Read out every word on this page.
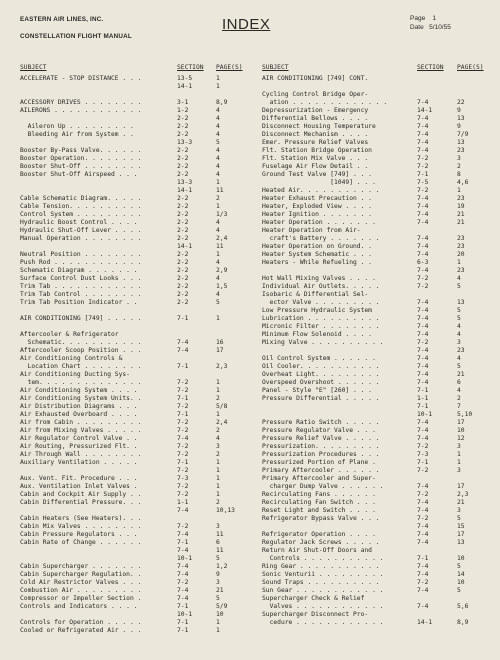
EASTERN AIR LINES, INC.
CONSTELLATION FLIGHT MANUAL
INDEX	Page 1
Date 5/10/55
SUBJECT	SECTION PAGE(S)
ACCELERATE - STOP DISTANCE . . .	13-5	1
14-1	1
ACCESSORY DRIVES . . . . . . . .	3-1	8,9
AILERONS . . . . . . . . . . . .	1-2	4
2-2	4
Aileron Up . . . . . . . . .	2-2	4
Bleeding Air from System . .	2-2	4
13-3	5
Booster By-Pass Valve. . . . . .	2-2	4
Booster Operation. . . . . . . .	2-2	4
Booster Shut-Off . . . . . . . .	2-2	4
Booster Shut-Off Airspeed . . .	2-2	4
13-3	1
14-1	11
Cable Schematic Diagram. . . . .	2-2	2
Cable Tension. . . . . . . . . .	2-2	1
Control System . . . . . . . . .	2-2	1/3
Hydraulic Boost Control . . . .	2-2	4
Hydraulic Shut-Off Lever . . . .	2-2	4
Manual Operation . . . . . . . .	2-2	2,4
14-1	11
Neutral Position . . . . . . . .	2-2	1
Push Rod . . . . . . . . . . . .	2-2	4
Schematic Diagram . . . . . . .	2-2	2,9
Surface Control Dust Looks . . .	2-2	4
Trim Tab . . . . . . . . . . . .	2-2	1,5
Trim Tab Control . . . . . . . .	2-2	4
Trim Tab Position Indicator . .	2-2	5
AIR CONDITIONING [749] . . . . .	7-1	1
Aftercooler & Refrigerator
Schematic. . . . . . . . . . .	7-4	16
Aftercooler Scoop Position . . .	7-4	17
Air Conditioning Controls &
Location Chart . . . . . . . .	7-1	2,3
Air Conditioning Ducting Sys-
tem. . . . . . . . . . . . . .	7-2	1
Air Conditioning System . . . .	7-2	1
Air Conditioning System Units. .	7-1	2
Air Distribution Diagrams . . .	7-2	5/8
Air Exhausted Overboard . . . .	7-1	1
Air from Cabin . . . . . . . . .	7-2	2,4
Air from Mixing Valves . . . . .	7-2	2
Air Regulator Control Valve . .	7-4	4
Air Routing, Pressurized Flt. .	7-2	3
Air Through Wall . . . . . . . .	7-2	2
Auxiliary Ventilation . . . . .	7-1	1
7-2	1
Aux. Vent. Fit. Procedure . . .	7-3	1
Aux. Ventilation Inlet Valves .	7-2	1
Cabin and Cockpit Air Supply . .	7-2	1
Cabin Differential Pressure. . .	1-1	2
7-4	10,13
Cabin Heaters (See Heaters). . .
Cabin Mix Valves . . . . . . . .	7-2	3
Cabin Pressure Regulators . . .	7-4	11
Cabin Rate of Change . . . . . .	7-1	6
7-4	11
10-1	5
Cabin Supercharger . . . . . . .	7-4	1,2
Cabin Supercharger Regulation. .	7-4	9
Cold Air Restrictor Valves . . .	7-2	3
Combustion Air . . . . . . . . .	7-4	21
Compressor or Impeller Section .	7-4	5
Controls and Indicators . . . .	7-1	5/9
10-1	10
Controls for Operation . . . . .	7-1	1
Cooled or Refrigerated Air . . .	7-1	1
SUBJECT	SECTION PAGE(S)
AIR CONDITIONING [749] CONT.
Cycling Control Bridge Oper-
ation . . . . . . . . . . . . .	7-4	22
Depressurization - Emergency	14-1	9
Differential Bellows . . . .	7-4	13
Disconnect Housing Temperature	7-4	9
Disconnect Mechanism . . . .	7-4	7/9
Emer. Pressure Relief Valves	7-4	13
Flt. Station Bridge Operation	7-4	23
Flt. Station Mix Valve . . .	7-2	3
Fuselage Air Flow Detail . .	7-2	2
Ground Test Valve [749] . . .	7-1	8
[1049] . . .	7-5	4,6
Heated Air. . . . . . . . . . .	7-2	1
Heater Exhaust Precaution . .	7-4	23
Heater, Exploded View . . . .	7-4	19
Heater Ignition . . . . . . .	7-4	21
Heater Operation . . . . . . .	7-4	21
Heater Operation from Air-
craft's Battery . . . . . . .	7-4	23
Heater Operation on Ground. .	7-4	23
Heater System Schematic . . .	7-4	20
Heaters - While Refueling . .	6-3	1
7-4	23
Hot Wall Mixing Valves . . . .	7-2	4
Individual Air Outlets. . . . .	7-2	5
Isobaric & Differential Sel-
ector Valve . . . . . . . . .	7-4	13
Low Pressure Hydraulic System	7-4	5
Lubrication . . . . . . . . . .	7-4	5
Micronic Filter . . . . . . . .	7-4	4
Minimum Flow Solenoid . . . .	7-4	4
Mixing Valve . . . . . . . . . .	7-2	3
7-4	23
Oil Control System . . . . . .	7-4	4
Oil Cooler. . . . . . . . . . .	7-4	5
Overheat Light. . . . . . . . .	7-4	21
Overspeed Overshoot . . . . . .	7-4	6
Panel - Style "E" [260] . . .	7-1	4
Pressure Differential . . . . .	1-1	2
7-1	7
10-1	5,10
Pressure Ratio Switch . . . . .	7-4	17
Pressure Regulator Valve . . .	7-4	10
Pressure Relief Valve . . . . .	7-4	12
Pressurization. . . . . . . . .	7-2	3
Pressurization Procedures . . .	7-3	1
Pressurized Portion of Plane .	7-1	1
Primary Aftercooler . . . . . .	7-2	3
Primary Aftercooler and Super-
charger Dump Valve . . . . . .	7-4	17
Recirculating Fans . . . . . .	7-2	2,3
Recirculating Fan Switch . . .	7-4	21
Reset Light and Switch . . . .	7-4	3
Refrigerator Bypass Valve . . .	7-2	5
7-4	15
Refrigerator Operation . . . .	7-4	17
Regulator Jack Screws . . . . .	7-4	13
Return Air Shut-Off Doors and
Controls . . . . . . . . . . .	7-1	10
Ring Gear . . . . . . . . . . .	7-4	5
Sonic Venturii . . . . . . . . .	7-4	14
Sound Traps . . . . . . . . . .	7-2	10
Sun Gear . . . . . . . . . . . .	7-4	5
Supercharger Check & Relief
Valves . . . . . . . . . . . .	7-4	5,6
Supercharger Disconnect Pro-
cedure . . . . . . . . . . . .	14-1	8,9
